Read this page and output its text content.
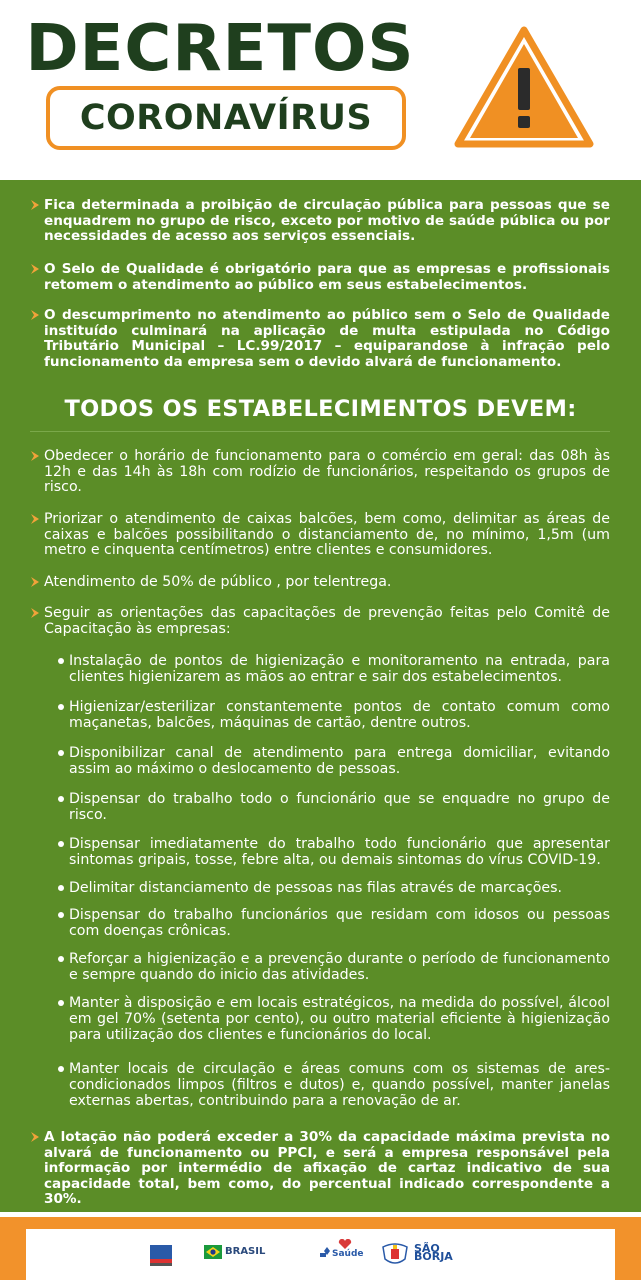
DECRETOS
CORONAVÍRUS
Fica determinada a proibição de circulação pública para pessoas que se enquadrem no grupo de risco, exceto por motivo de saúde pública ou por necessidades de acesso aos serviços essenciais.
O Selo de Qualidade é obrigatório para que as empresas e profissionais retomem o atendimento ao público em seus estabelecimentos.
O descumprimento no atendimento ao público sem o Selo de Qualidade instituído culminará na aplicação de multa estipulada no Código Tributário Municipal – LC.99/2017 – equiparandose à infração pelo funcionamento da empresa sem o devido alvará de funcionamento.
TODOS OS ESTABELECIMENTOS DEVEM:
Obedecer o horário de funcionamento para o comércio em geral: das 08h às 12h e das 14h às 18h com rodízio de funcionários, respeitando os grupos de risco.
Priorizar o atendimento de caixas balcões, bem como, delimitar as áreas de caixas e balcões possibilitando o distanciamento de, no mínimo, 1,5m (um metro e cinquenta centímetros) entre clientes e consumidores.
Atendimento de 50% de público , por telentrega.
Seguir as orientações das capacitações de prevenção feitas pelo Comitê de Capacitação às empresas:
Instalação de pontos de higienização e monitoramento na entrada, para clientes higienizarem as mãos ao entrar e sair dos estabelecimentos.
Higienizar/esterilizar constantemente pontos de contato comum como maçanetas, balcões, máquinas de cartão, dentre outros.
Disponibilizar canal de atendimento para entrega domiciliar, evitando assim ao máximo o deslocamento de pessoas.
Dispensar do trabalho todo o funcionário que se enquadre no grupo de risco.
Dispensar imediatamente do trabalho todo funcionário que apresentar sintomas gripais, tosse, febre alta, ou demais sintomas do vírus COVID-19.
Delimitar distanciamento de pessoas nas filas através de marcações.
Dispensar do trabalho funcionários que residam com idosos ou pessoas com doenças crônicas.
Reforçar a higienização e a prevenção durante o período de funcionamento e sempre quando do inicio das atividades.
Manter à disposição e em locais estratégicos, na medida do possível, álcool em gel 70% (setenta por cento), ou outro material eficiente à higienização para utilização dos clientes e funcionários do local.
Manter locais de circulação e áreas comuns com os sistemas de ares-condicionados limpos (filtros e dutos) e, quando possível, manter janelas externas abertas, contribuindo para a renovação de ar.
A lotação não poderá exceder a 30% da capacidade máxima prevista no alvará de funcionamento ou PPCI, e será a empresa responsável pela informação por intermédio de afixação de cartaz indicativo de sua capacidade total, bem como, do percentual indicado correspondente a 30%.
BRASIL	Saúde	SÃO BORJA
